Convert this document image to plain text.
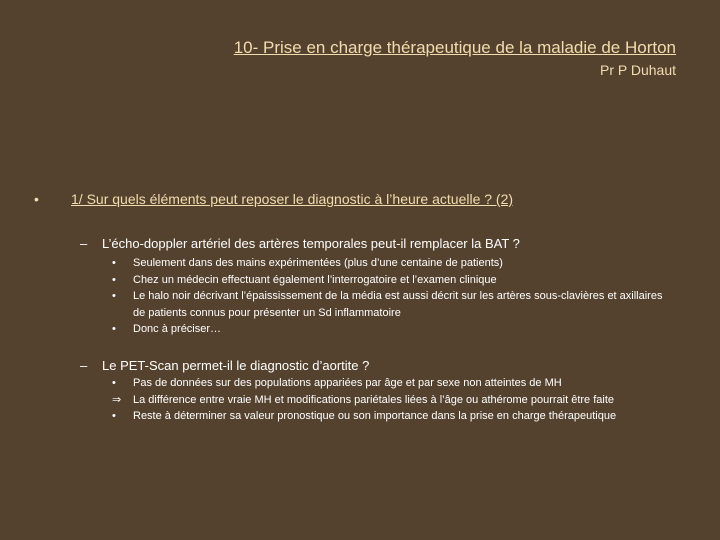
10- Prise en charge thérapeutique de la maladie de Horton
Pr P Duhaut
• 1/ Sur quels éléments peut reposer le diagnostic à l’heure actuelle ? (2)
– L’écho-doppler artériel des artères temporales peut-il remplacer la BAT ?
• Seulement dans des mains expérimentées (plus d’une centaine de patients)
• Chez un médecin effectuant également l’interrogatoire et l’examen clinique
• Le halo noir décrivant l’épaississement de la média est aussi décrit sur les artères sous-clavières et axillaires de patients connus pour présenter un Sd inflammatoire
• Donc à préciser…
– Le PET-Scan permet-il le diagnostic d’aortite ?
• Pas de données sur des populations appariées par âge et par sexe non atteintes de MH
⇒ La différence entre vraie MH et modifications pariétales liées à l’âge ou athérome pourrait être faite
• Reste à déterminer sa valeur pronostique ou son importance dans la prise en charge thérapeutique
